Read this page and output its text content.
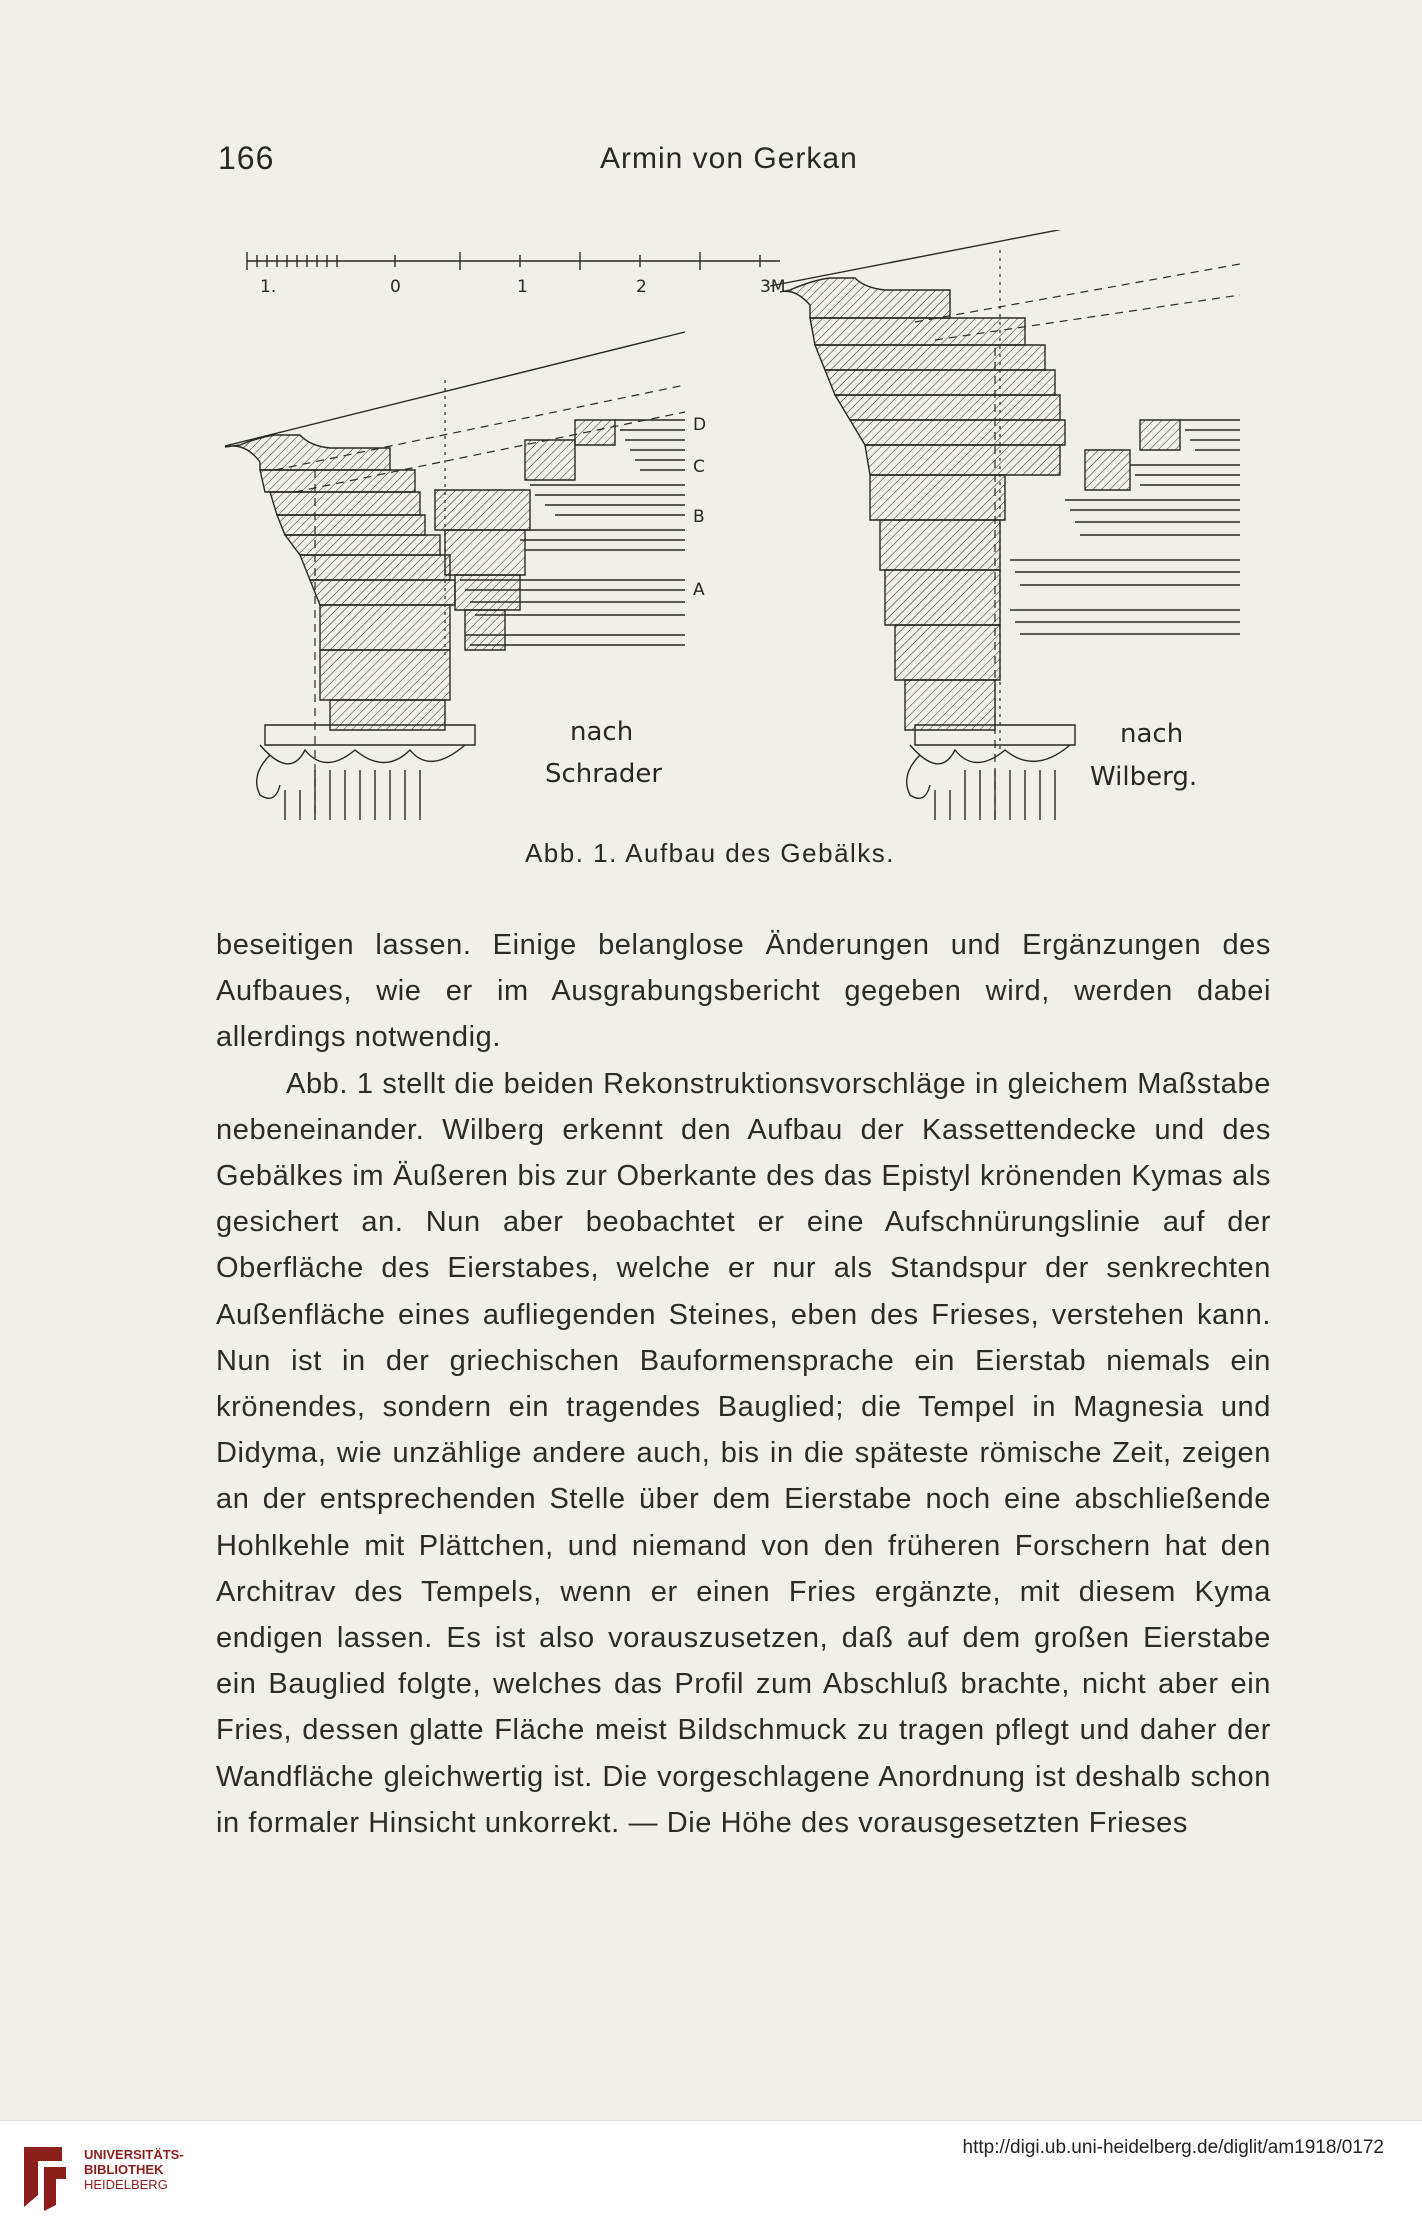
166	Armin von Gerkan
1.	0	1	2	3M.
D
C
B
A
nach
Schrader
nach
Wilberg.
Abb. 1. Aufbau des Gebälks.

beseitigen lassen. Einige belanglose Änderungen und Ergänzungen des Aufbaues, wie er im Ausgrabungsbericht gegeben wird, werden dabei allerdings notwendig.

Abb. 1 stellt die beiden Rekonstruktionsvorschläge in gleichem Maßstabe nebeneinander. Wilberg erkennt den Aufbau der Kassettendecke und des Gebälkes im Äußeren bis zur Oberkante des das Epistyl krönenden Kymas als gesichert an. Nun aber beobachtet er eine Aufschnürungslinie auf der Oberfläche des Eierstabes, welche er nur als Standspur der senkrechten Außenfläche eines aufliegenden Steines, eben des Frieses, verstehen kann. Nun ist in der griechischen Bauformensprache ein Eierstab niemals ein krönendes, sondern ein tragendes Bauglied; die Tempel in Magnesia und Didyma, wie unzählige andere auch, bis in die späteste römische Zeit, zeigen an der entsprechenden Stelle über dem Eierstabe noch eine abschließende Hohlkehle mit Plättchen, und niemand von den früheren Forschern hat den Architrav des Tempels, wenn er einen Fries ergänzte, mit diesem Kyma endigen lassen. Es ist also vorauszusetzen, daß auf dem großen Eierstabe ein Bauglied folgte, welches das Profil zum Abschluß brachte, nicht aber ein Fries, dessen glatte Fläche meist Bildschmuck zu tragen pflegt und daher der Wandfläche gleichwertig ist. Die vorgeschlagene Anordnung ist deshalb schon in formaler Hinsicht unkorrekt. — Die Höhe des vorausgesetzten Frieses

UNIVERSITÄTS-
BIBLIOTHEK
HEIDELBERG
http://digi.ub.uni-heidelberg.de/diglit/am1918/0172
